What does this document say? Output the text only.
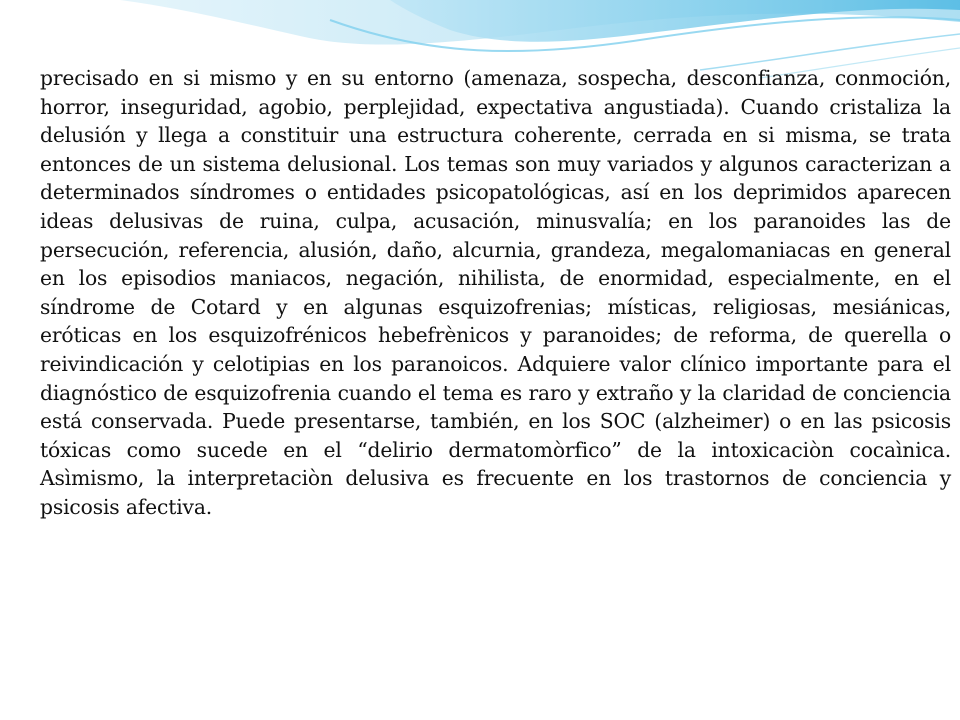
precisado en si mismo y en su entorno (amenaza, sospecha, desconfianza, conmoción, horror, inseguridad, agobio, perplejidad, expectativa angustiada). Cuando cristaliza la delusión y llega a constituir una estructura coherente, cerrada en si misma, se trata entonces de un sistema delusional. Los temas son muy variados y algunos caracterizan a determinados síndromes o entidades psicopatológicas, así en los deprimidos aparecen ideas delusivas de ruina, culpa, acusación, minusvalía; en los paranoides las de persecución, referencia, alusión, daño, alcurnia, grandeza, megalomaniacas en general en los episodios maniacos, negación, nihilista, de enormidad, especialmente, en el síndrome de Cotard y en algunas esquizofrenias; místicas, religiosas, mesiánicas, eróticas en los esquizofrénicos hebefrènicos y paranoides; de reforma, de querella o reivindicación y celotipias en los paranoicos. Adquiere valor clínico importante para el diagnóstico de esquizofrenia cuando el tema es raro y extraño y la claridad de conciencia está conservada. Puede presentarse, también, en los SOC (alzheimer) o en las psicosis tóxicas como sucede en el “delirio dermatomòrfico” de la intoxicaciòn cocaìnica. Asìmismo, la interpretaciòn delusiva es frecuente en los trastornos de conciencia y psicosis afectiva.
